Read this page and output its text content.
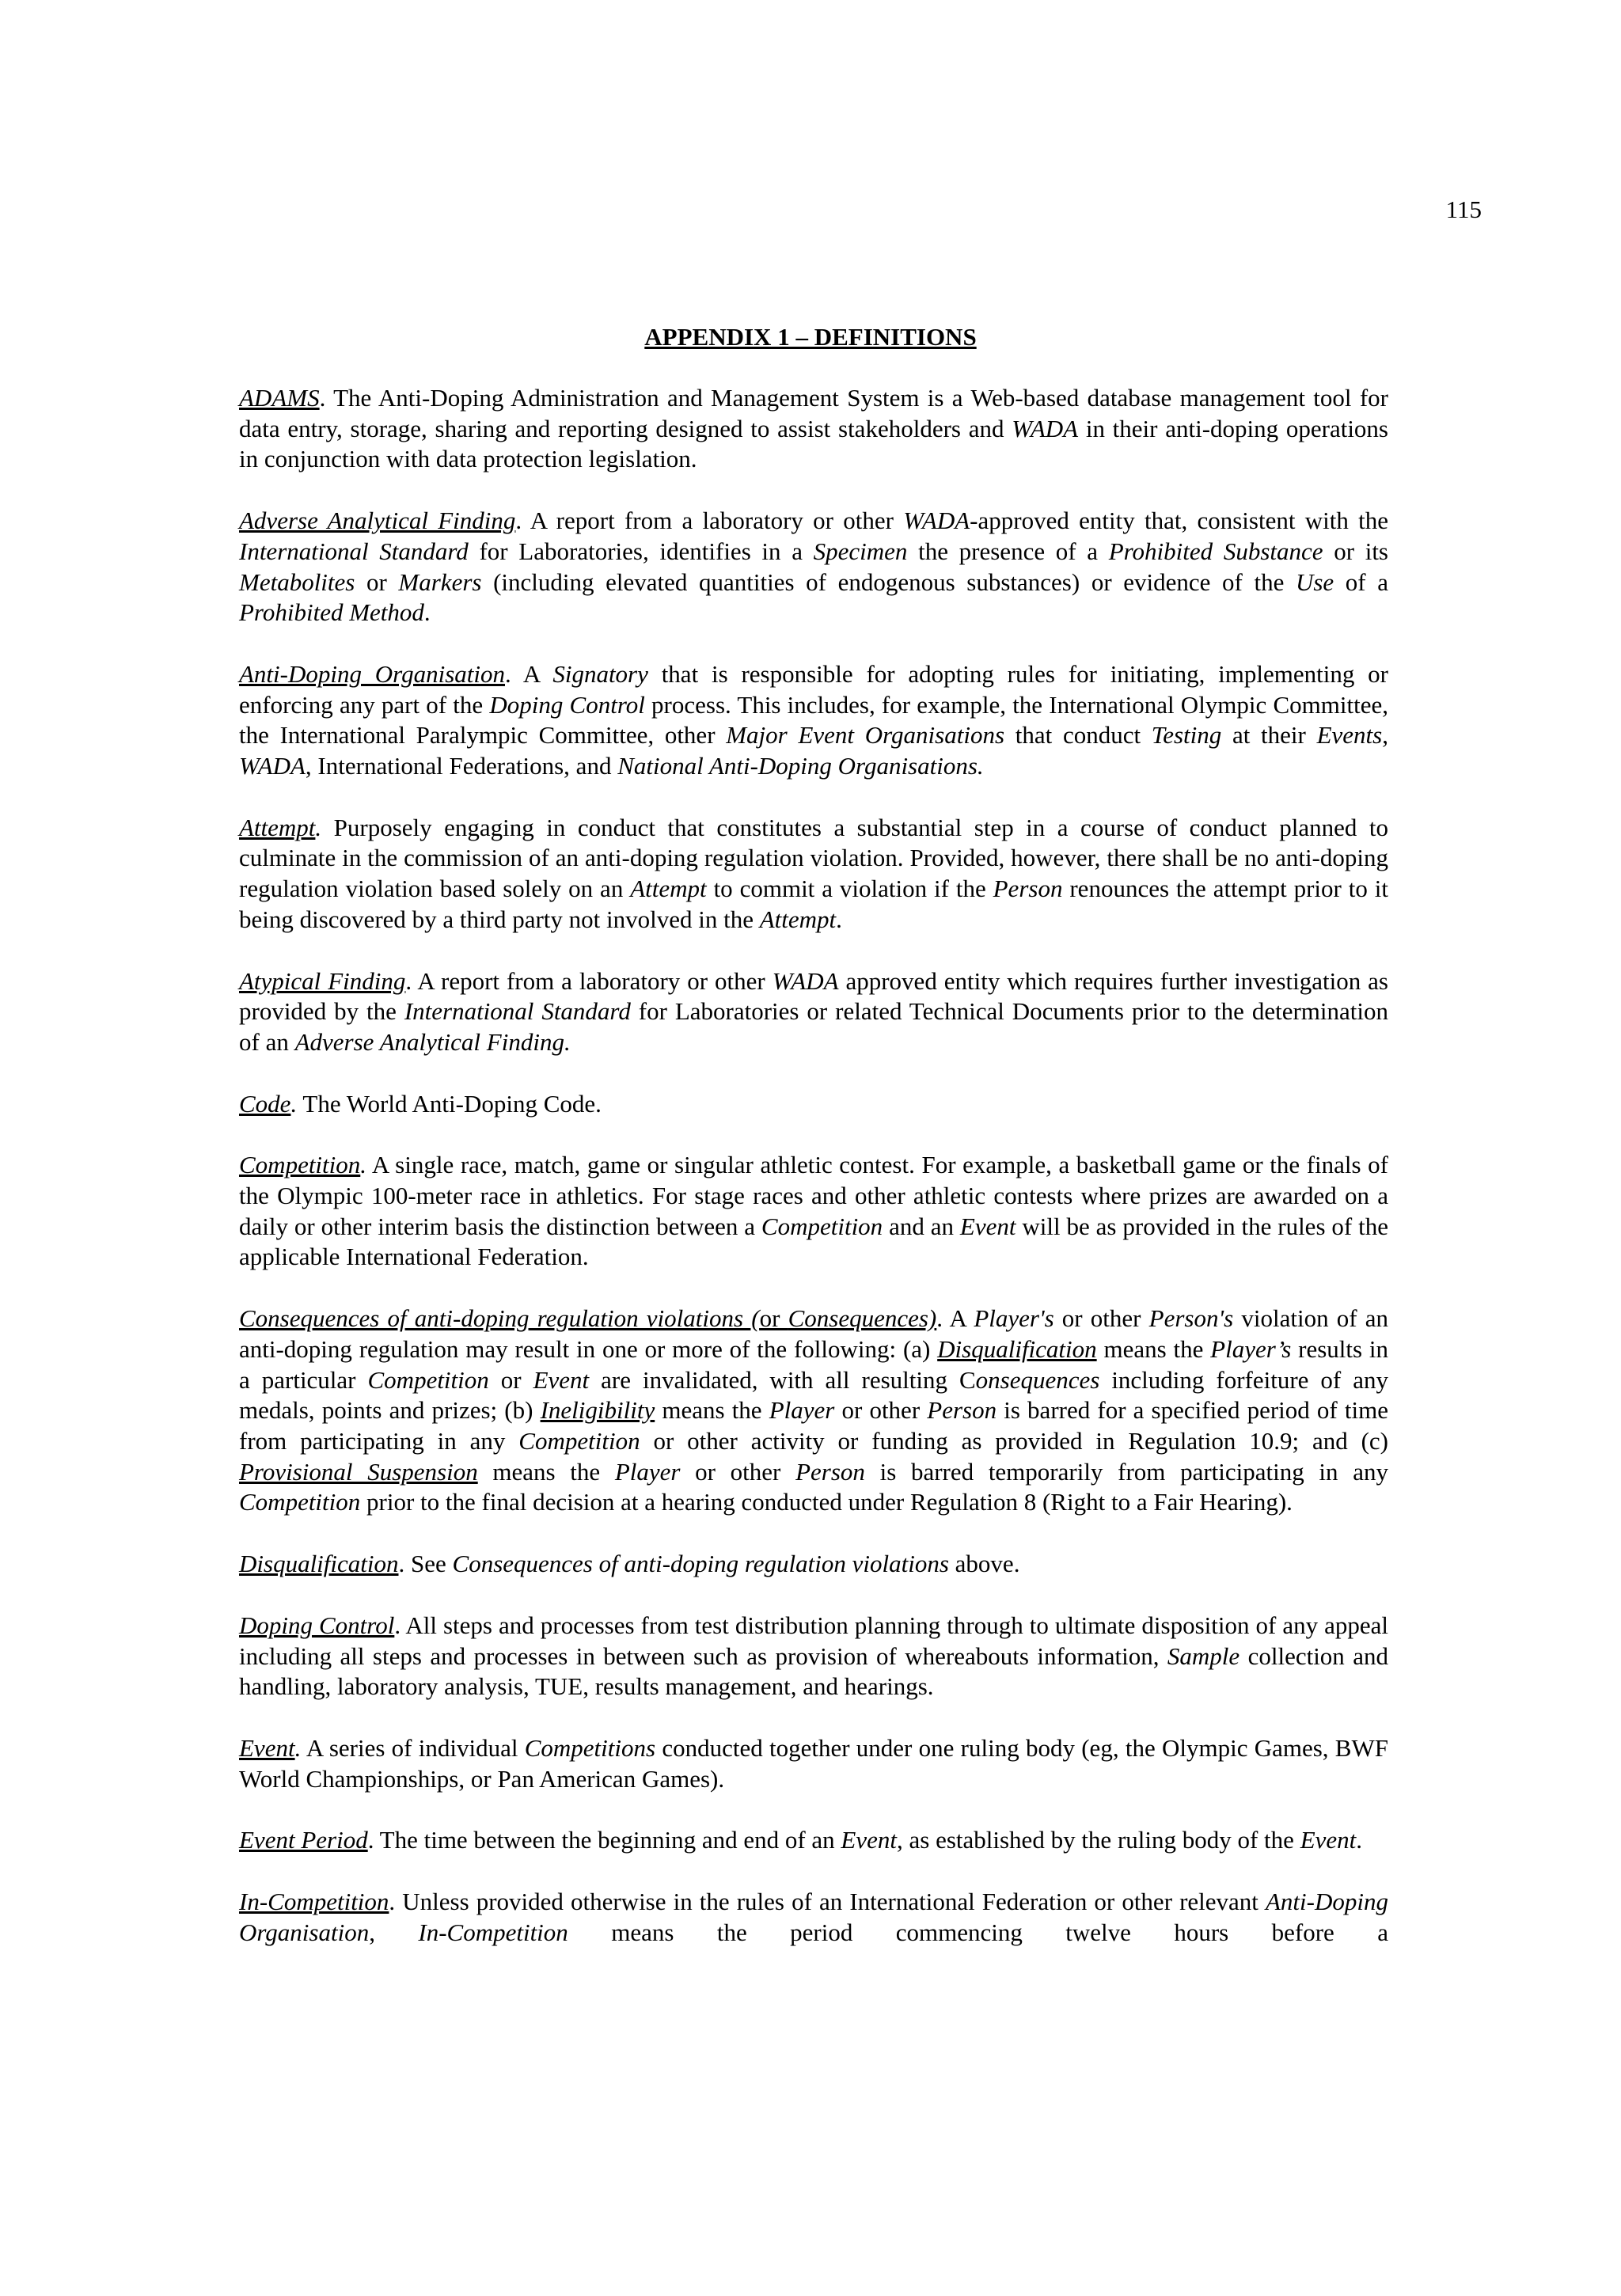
115
APPENDIX 1 – DEFINITIONS

ADAMS. The Anti-Doping Administration and Management System is a Web-based database management tool for data entry, storage, sharing and reporting designed to assist stakeholders and WADA in their anti-doping operations in conjunction with data protection legislation.

Adverse Analytical Finding. A report from a laboratory or other WADA-approved entity that, consistent with the International Standard for Laboratories, identifies in a Specimen the presence of a Prohibited Substance or its Metabolites or Markers (including elevated quantities of endogenous substances) or evidence of the Use of a Prohibited Method.

Anti-Doping Organisation. A Signatory that is responsible for adopting rules for initiating, implementing or enforcing any part of the Doping Control process. This includes, for example, the International Olympic Committee, the International Paralympic Committee, other Major Event Organisations that conduct Testing at their Events, WADA, International Federations, and National Anti-Doping Organisations.

Attempt. Purposely engaging in conduct that constitutes a substantial step in a course of conduct planned to culminate in the commission of an anti-doping regulation violation. Provided, however, there shall be no anti-doping regulation violation based solely on an Attempt to commit a violation if the Person renounces the attempt prior to it being discovered by a third party not involved in the Attempt.

Atypical Finding. A report from a laboratory or other WADA approved entity which requires further investigation as provided by the International Standard for Laboratories or related Technical Documents prior to the determination of an Adverse Analytical Finding.

Code. The World Anti-Doping Code.

Competition. A single race, match, game or singular athletic contest. For example, a basketball game or the finals of the Olympic 100-meter race in athletics. For stage races and other athletic contests where prizes are awarded on a daily or other interim basis the distinction between a Competition and an Event will be as provided in the rules of the applicable International Federation.

Consequences of anti-doping regulation violations (or Consequences). A Player's or other Person's violation of an anti-doping regulation may result in one or more of the following: (a) Disqualification means the Player’s results in a particular Competition or Event are invalidated, with all resulting Consequences including forfeiture of any medals, points and prizes; (b) Ineligibility means the Player or other Person is barred for a specified period of time from participating in any Competition or other activity or funding as provided in Regulation 10.9; and (c) Provisional Suspension means the Player or other Person is barred temporarily from participating in any Competition prior to the final decision at a hearing conducted under Regulation 8 (Right to a Fair Hearing).

Disqualification. See Consequences of anti-doping regulation violations above.

Doping Control. All steps and processes from test distribution planning through to ultimate disposition of any appeal including all steps and processes in between such as provision of whereabouts information, Sample collection and handling, laboratory analysis, TUE, results management, and hearings.

Event. A series of individual Competitions conducted together under one ruling body (eg, the Olympic Games, BWF World Championships, or Pan American Games).

Event Period. The time between the beginning and end of an Event, as established by the ruling body of the Event.

In-Competition. Unless provided otherwise in the rules of an International Federation or other relevant Anti-Doping Organisation, In-Competition means the period commencing twelve hours before a
